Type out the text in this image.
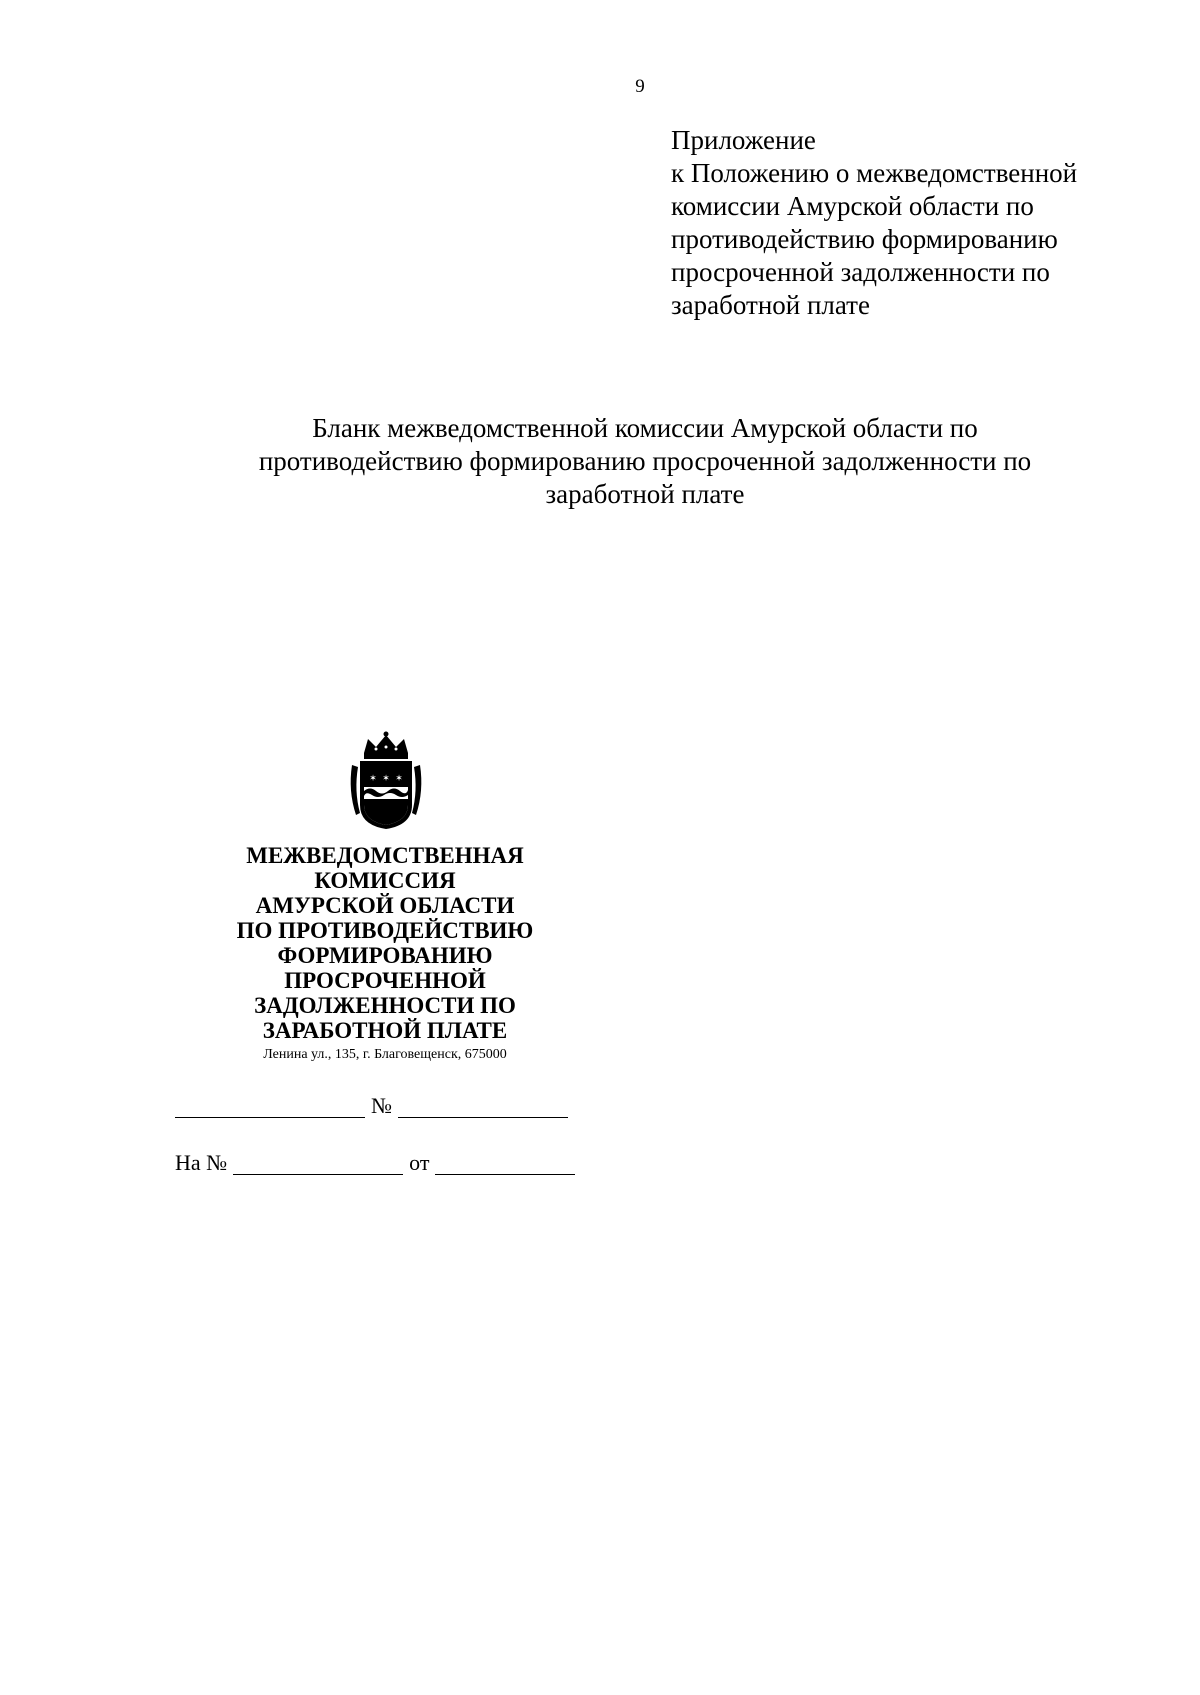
9
Приложение
к Положению о межведомственной
комиссии Амурской области по
противодействию формированию
просроченной задолженности по
заработной плате
Бланк межведомственной комиссии Амурской области по
противодействию формированию просроченной задолженности по
заработной плате
✶ ✶ ✶
МЕЖВЕДОМСТВЕННАЯ
КОМИССИЯ
АМУРСКОЙ ОБЛАСТИ
ПО ПРОТИВОДЕЙСТВИЮ
ФОРМИРОВАНИЮ
ПРОСРОЧЕННОЙ
ЗАДОЛЖЕННОСТИ ПО
ЗАРАБОТНОЙ ПЛАТЕ
Ленина ул., 135, г. Благовещенск, 675000
№
На №	от
